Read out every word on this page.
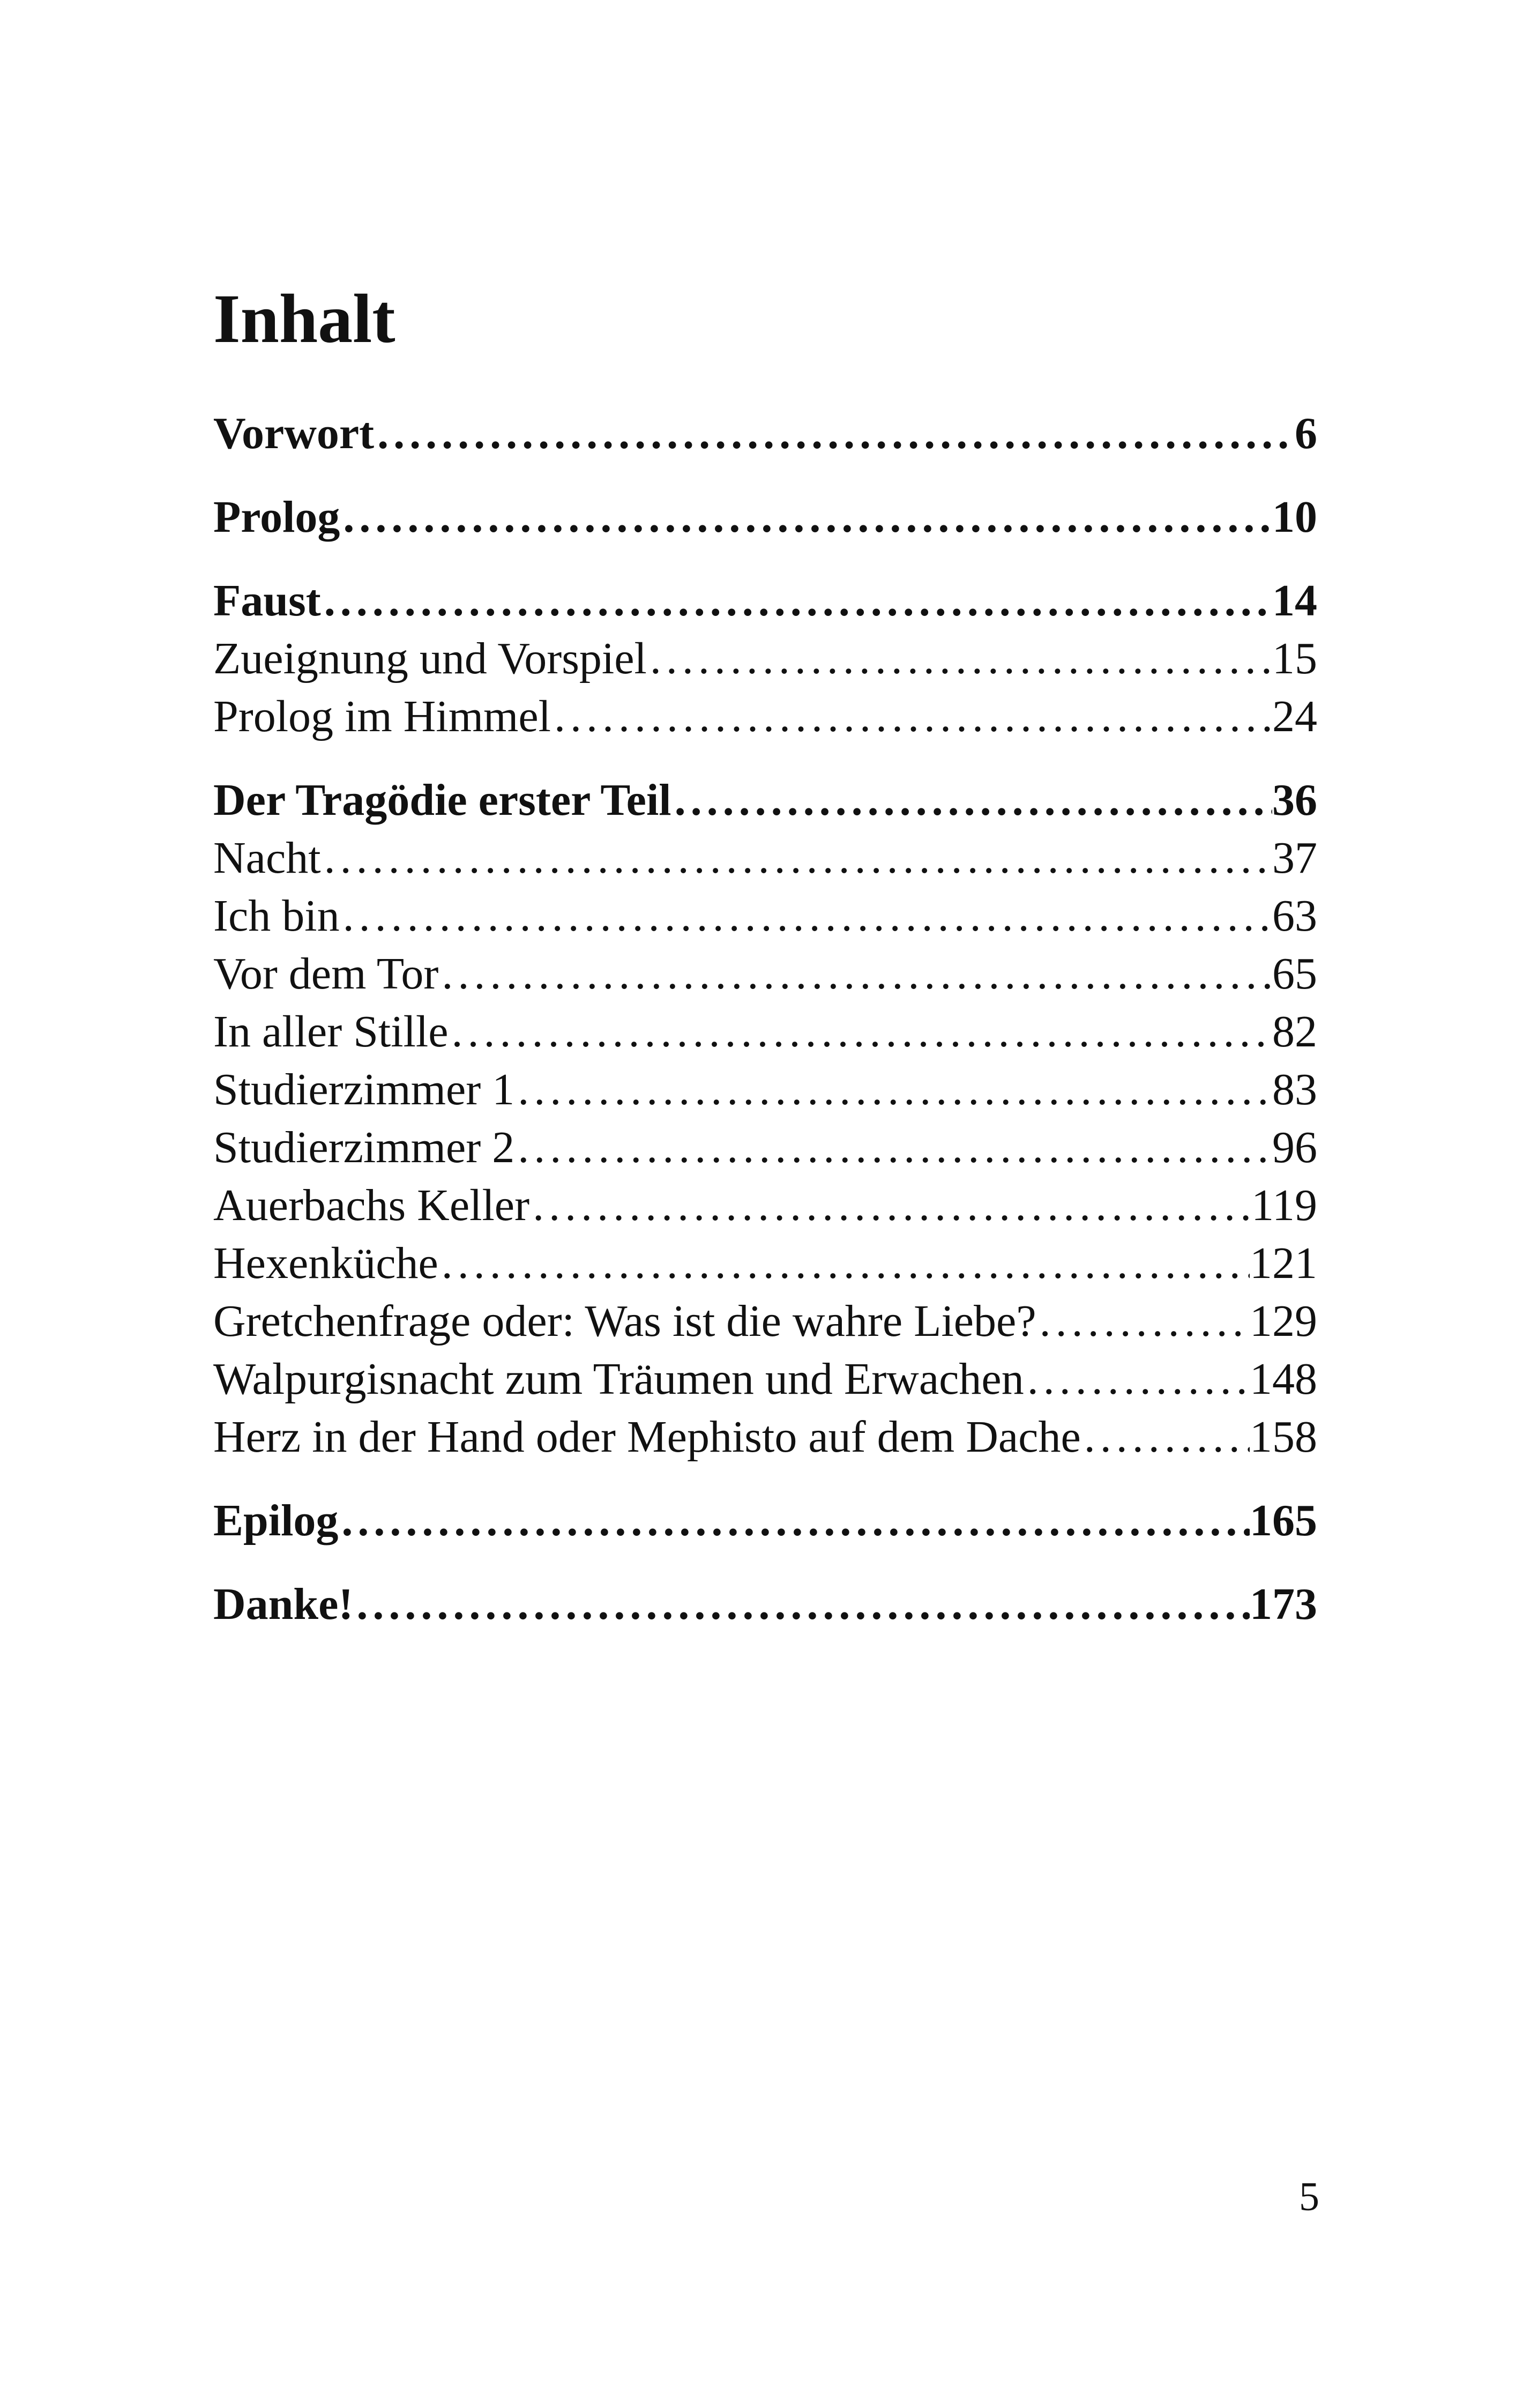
Inhalt
Vorwort . . .	6
Prolog . . .	10
Faust . . .	14
Zueignung und Vorspiel . . .	15
Prolog im Himmel . . .	24
Der Tragödie erster Teil . . .	36
Nacht . . .	37
Ich bin . . .	63
Vor dem Tor . . .	65
In aller Stille . . .	82
Studierzimmer 1 . . .	83
Studierzimmer 2 . . .	96
Auerbachs Keller . . .	119
Hexenküche . . .	121
Gretchenfrage oder: Was ist die wahre Liebe? . . .	129
Walpurgisnacht zum Träumen und Erwachen . . .	148
Herz in der Hand oder Mephisto auf dem Dache . . .	158
Epilog . . .	165
Danke! . . .	173
5
